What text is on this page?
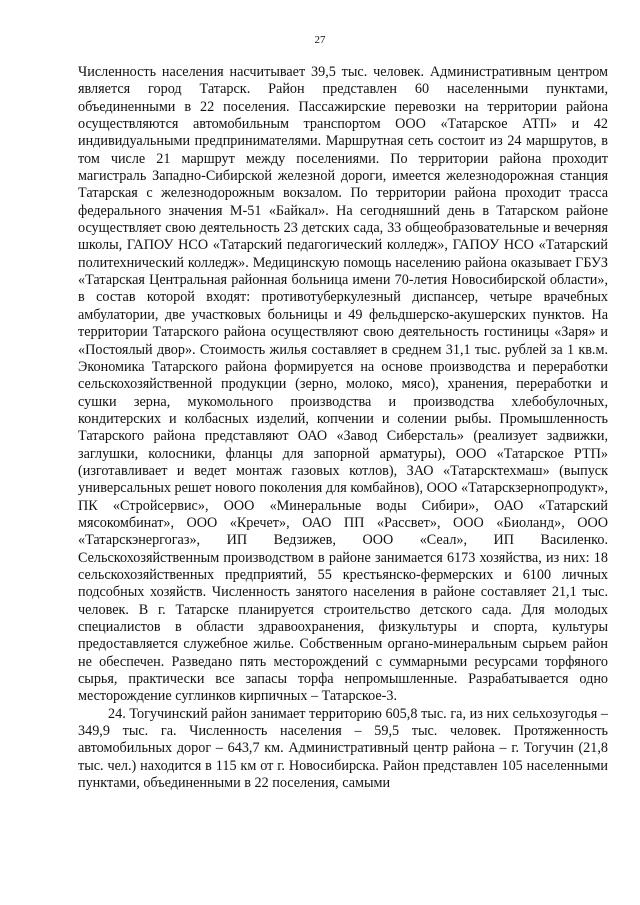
27

Численность населения насчитывает 39,5 тыс. человек. Административным центром является город Татарск. Район представлен 60 населенными пунктами, объединенными в 22 поселения. Пассажирские перевозки на территории района осуществляются автомобильным транспортом ООО «Татарское АТП» и 42 индивидуальными предпринимателями. Маршрутная сеть состоит из 24 маршрутов, в том числе 21 маршрут между поселениями. По территории района проходит магистраль Западно-Сибирской железной дороги, имеется железнодорожная станция Татарская с железнодорожным вокзалом. По территории района проходит трасса федерального значения М-51 «Байкал». На сегодняшний день в Татарском районе осуществляет свою деятельность 23 детских сада, 33 общеобразовательные и вечерняя школы, ГАПОУ НСО «Татарский педагогический колледж», ГАПОУ НСО «Татарский политехнический колледж». Медицинскую помощь населению района оказывает ГБУЗ «Татарская Центральная районная больница имени 70-летия Новосибирской области», в состав которой входят: противотуберкулезный диспансер, четыре врачебных амбулатории, две участковых больницы и 49 фельдшерско-акушерских пунктов. На территории Татарского района осуществляют свою деятельность гостиницы «Заря» и «Постоялый двор». Стоимость жилья составляет в среднем 31,1 тыс. рублей за 1 кв.м. Экономика Татарского района формируется на основе производства и переработки сельскохозяйственной продукции (зерно, молоко, мясо), хранения, переработки и сушки зерна, мукомольного производства и производства хлебобулочных, кондитерских и колбасных изделий, копчении и солении рыбы. Промышленность Татарского района представляют ОАО «Завод Сиберсталь» (реализует задвижки, заглушки, колосники, фланцы для запорной арматуры), ООО «Татарское РТП» (изготавливает и ведет монтаж газовых котлов), ЗАО «Татарсктехмаш» (выпуск универсальных решет нового поколения для комбайнов), ООО «Татарскзернопродукт», ПК «Стройсервис», ООО «Минеральные воды Сибири», ОАО «Татарский мясокомбинат», ООО «Кречет», ОАО ПП «Рассвет», ООО «Биоланд», ООО «Татарскэнергогаз», ИП Ведзижев, ООО «Сеал», ИП Василенко. Сельскохозяйственным производством в районе занимается 6173 хозяйства, из них: 18 сельскохозяйственных предприятий, 55 крестьянско-фермерских и 6100 личных подсобных хозяйств. Численность занятого населения в районе составляет 21,1 тыс. человек. В г. Татарске планируется строительство детского сада. Для молодых специалистов в области здравоохранения, физкультуры и спорта, культуры предоставляется служебное жилье. Собственным органо-минеральным сырьем район не обеспечен. Разведано пять месторождений с суммарными ресурсами торфяного сырья, практически все запасы торфа непромышленные. Разрабатывается одно месторождение суглинков кирпичных – Татарское-3.

24. Тогучинский район занимает территорию 605,8 тыс. га, из них сельхозугодья – 349,9 тыс. га. Численность населения – 59,5 тыс. человек. Протяженность автомобильных дорог – 643,7 км. Административный центр района – г. Тогучин (21,8 тыс. чел.) находится в 115 км от г. Новосибирска. Район представлен 105 населенными пунктами, объединенными в 22 поселения, самыми
